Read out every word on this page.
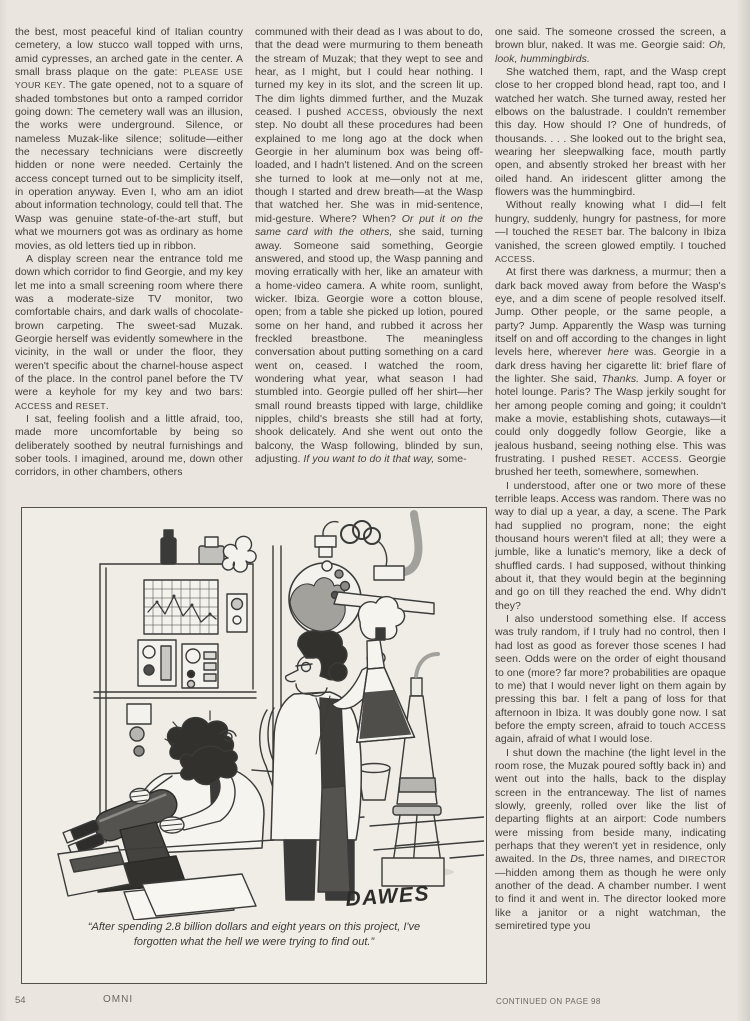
the best, most peaceful kind of Italian country cemetery, a low stucco wall topped with urns, amid cypresses, an arched gate in the center. A small brass plaque on the gate: PLEASE USE YOUR KEY. The gate opened, not to a square of shaded tombstones but onto a ramped corridor going down: The cemetery wall was an illusion, the works were underground. Silence, or nameless Muzak-like silence; solitude—either the necessary technicians were discreetly hidden or none were needed. Certainly the access concept turned out to be simplicity itself, in operation anyway. Even I, who am an idiot about information technology, could tell that. The Wasp was genuine state-of-the-art stuff, but what we mourners got was as ordinary as home movies, as old letters tied up in ribbon.

A display screen near the entrance told me down which corridor to find Georgie, and my key let me into a small screening room where there was a moderate-size TV monitor, two comfortable chairs, and dark walls of chocolate-brown carpeting. The sweet-sad Muzak. Georgie herself was evidently somewhere in the vicinity, in the wall or under the floor, they weren't specific about the charnel-house aspect of the place. In the control panel before the TV were a keyhole for my key and two bars: ACCESS and RESET.

I sat, feeling foolish and a little afraid, too, made more uncomfortable by being so deliberately soothed by neutral furnishings and sober tools. I imagined, around me, down other corridors, in other chambers, others

communed with their dead as I was about to do, that the dead were murmuring to them beneath the stream of Muzak; that they wept to see and hear, as I might, but I could hear nothing. I turned my key in its slot, and the screen lit up. The dim lights dimmed further, and the Muzak ceased. I pushed ACCESS, obviously the next step. No doubt all these procedures had been explained to me long ago at the dock when Georgie in her aluminum box was being off-loaded, and I hadn't listened. And on the screen she turned to look at me—only not at me, though I started and drew breath—at the Wasp that watched her. She was in mid-sentence, mid-gesture. Where? When? Or put it on the same card with the others, she said, turning away. Someone said something, Georgie answered, and stood up, the Wasp panning and moving erratically with her, like an amateur with a home-video camera. A white room, sunlight, wicker. Ibiza. Georgie wore a cotton blouse, open; from a table she picked up lotion, poured some on her hand, and rubbed it across her freckled breastbone. The meaningless conversation about putting something on a card went on, ceased. I watched the room, wondering what year, what season I had stumbled into. Georgie pulled off her shirt—her small round breasts tipped with large, childlike nipples, child's breasts she still had at forty, shook delicately. And she went out onto the balcony, the Wasp following, blinded by sun, adjusting. If you want to do it that way, some-

one said. The someone crossed the screen, a brown blur, naked. It was me. Georgie said: Oh, look, hummingbirds.

She watched them, rapt, and the Wasp crept close to her cropped blond head, rapt too, and I watched her watch. She turned away, rested her elbows on the balustrade. I couldn't remember this day. How should I? One of hundreds, of thousands. . . . She looked out to the bright sea, wearing her sleepwalking face, mouth partly open, and absently stroked her breast with her oiled hand. An iridescent glitter among the flowers was the hummingbird.

Without really knowing what I did—I felt hungry, suddenly, hungry for pastness, for more—I touched the RESET bar. The balcony in Ibiza vanished, the screen glowed emptily. I touched ACCESS.

At first there was darkness, a murmur; then a dark back moved away from before the Wasp's eye, and a dim scene of people resolved itself. Jump. Other people, or the same people, a party? Jump. Apparently the Wasp was turning itself on and off according to the changes in light levels here, wherever here was. Georgie in a dark dress having her cigarette lit: brief flare of the lighter. She said, Thanks. Jump. A foyer or hotel lounge. Paris? The Wasp jerkily sought for her among people coming and going; it couldn't make a movie, establishing shots, cutaways—it could only doggedly follow Georgie, like a jealous husband, seeing nothing else. This was frustrating. I pushed RESET. ACCESS. Georgie brushed her teeth, somewhere, somewhen.

I understood, after one or two more of these terrible leaps. Access was random. There was no way to dial up a year, a day, a scene. The Park had supplied no program, none; the eight thousand hours weren't filed at all; they were a jumble, like a lunatic's memory, like a deck of shuffled cards. I had supposed, without thinking about it, that they would begin at the beginning and go on till they reached the end. Why didn't they?

I also understood something else. If access was truly random, if I truly had no control, then I had lost as good as forever those scenes I had seen. Odds were on the order of eight thousand to one (more? far more? probabilities are opaque to me) that I would never light on them again by pressing this bar. I felt a pang of loss for that afternoon in Ibiza. It was doubly gone now. I sat before the empty screen, afraid to touch ACCESS again, afraid of what I would lose.

I shut down the machine (the light level in the room rose, the Muzak poured softly back in) and went out into the halls, back to the display screen in the entranceway. The list of names slowly, greenly, rolled over like the list of departing flights at an airport: Code numbers were missing from beside many, indicating perhaps that they weren't yet in residence, only awaited. In the Ds, three names, and DIRECTOR—hidden among them as though he were only another of the dead. A chamber number. I went to find it and went in. The director looked more like a janitor or a night watchman, the semiretired type you

DAWES
“After spending 2.8 billion dollars and eight years on this project, I've forgotten what the hell we were trying to find out.”
54	OMNI	CONTINUED ON PAGE 98
